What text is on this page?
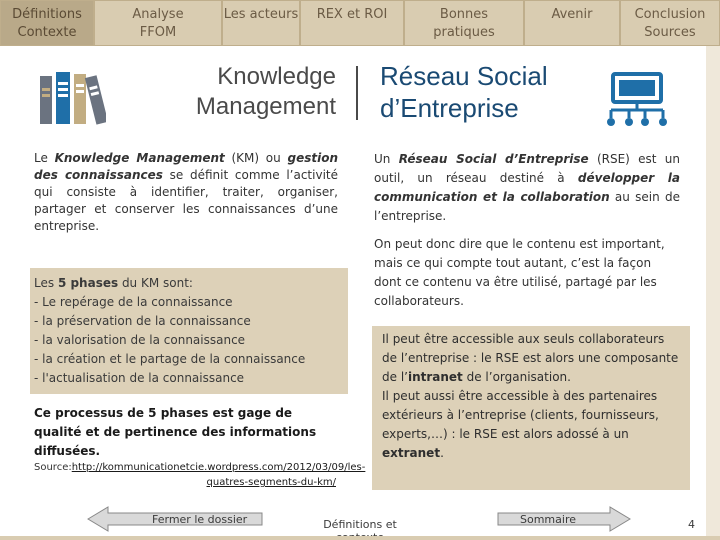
Définitions
Contexte
Analyse
FFOM
Les acteurs REX et ROI	Bonnes
pratiques
Avenir	Conclusion
Sources
Knowledge Management
Réseau Social d’Entreprise
Le Knowledge Management (KM) ou gestion des connaissances se définit comme l’activité qui consiste à identifier, traiter, organiser, partager et conserver les connaissances d’une entreprise.
Les 5 phases du KM sont:
- Le repérage de la connaissance
- la préservation de la connaissance
- la valorisation de la connaissance
- la création et le partage de la connaissance
- l'actualisation de la connaissance
Ce processus de 5 phases est gage de qualité et de pertinence des informations diffusées.
Source:http://kommunicationetcie.wordpress.com/2012/03/09/les-quatres-segments-du-km/
Un Réseau Social d’Entreprise (RSE) est un outil, un réseau destiné à développer la communication et la collaboration au sein de l’entreprise.
On peut donc dire que le contenu est important, mais ce qui compte tout autant, c’est la façon dont ce contenu va être utilisé, partagé par les collaborateurs.
Il peut être accessible aux seuls collaborateurs de l’entreprise : le RSE est alors une composante de l’intranet de l’organisation.
Il peut aussi être accessible à des partenaires extérieurs à l’entreprise (clients, fournisseurs, experts,…) : le RSE est alors adossé à un extranet.
Fermer le dossier	Définitions et	Sommaire	4
